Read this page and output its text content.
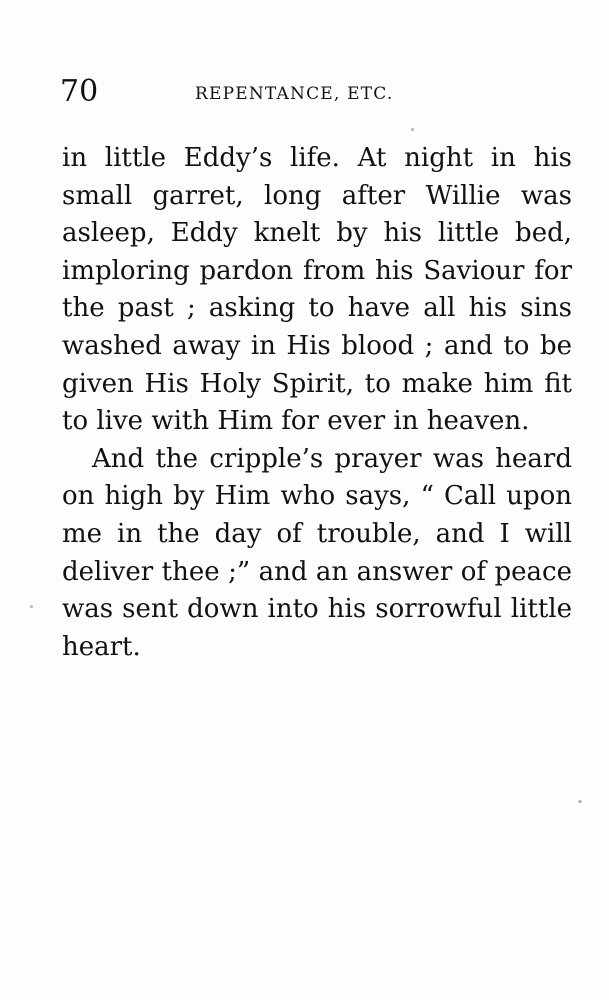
70	REPENTANCE, ETC.
in little Eddy’s life. At night in his
small garret, long after Willie was
asleep, Eddy knelt by his little bed,
imploring pardon from his Saviour for
the past ; asking to have all his sins
washed away in His blood ; and to be
given His Holy Spirit, to make him fit
to live with Him for ever in heaven.
And the cripple’s prayer was heard
on high by Him who says, “ Call upon
me in the day of trouble, and I will
deliver thee ;” and an answer of peace
was sent down into his sorrowful little
heart.
